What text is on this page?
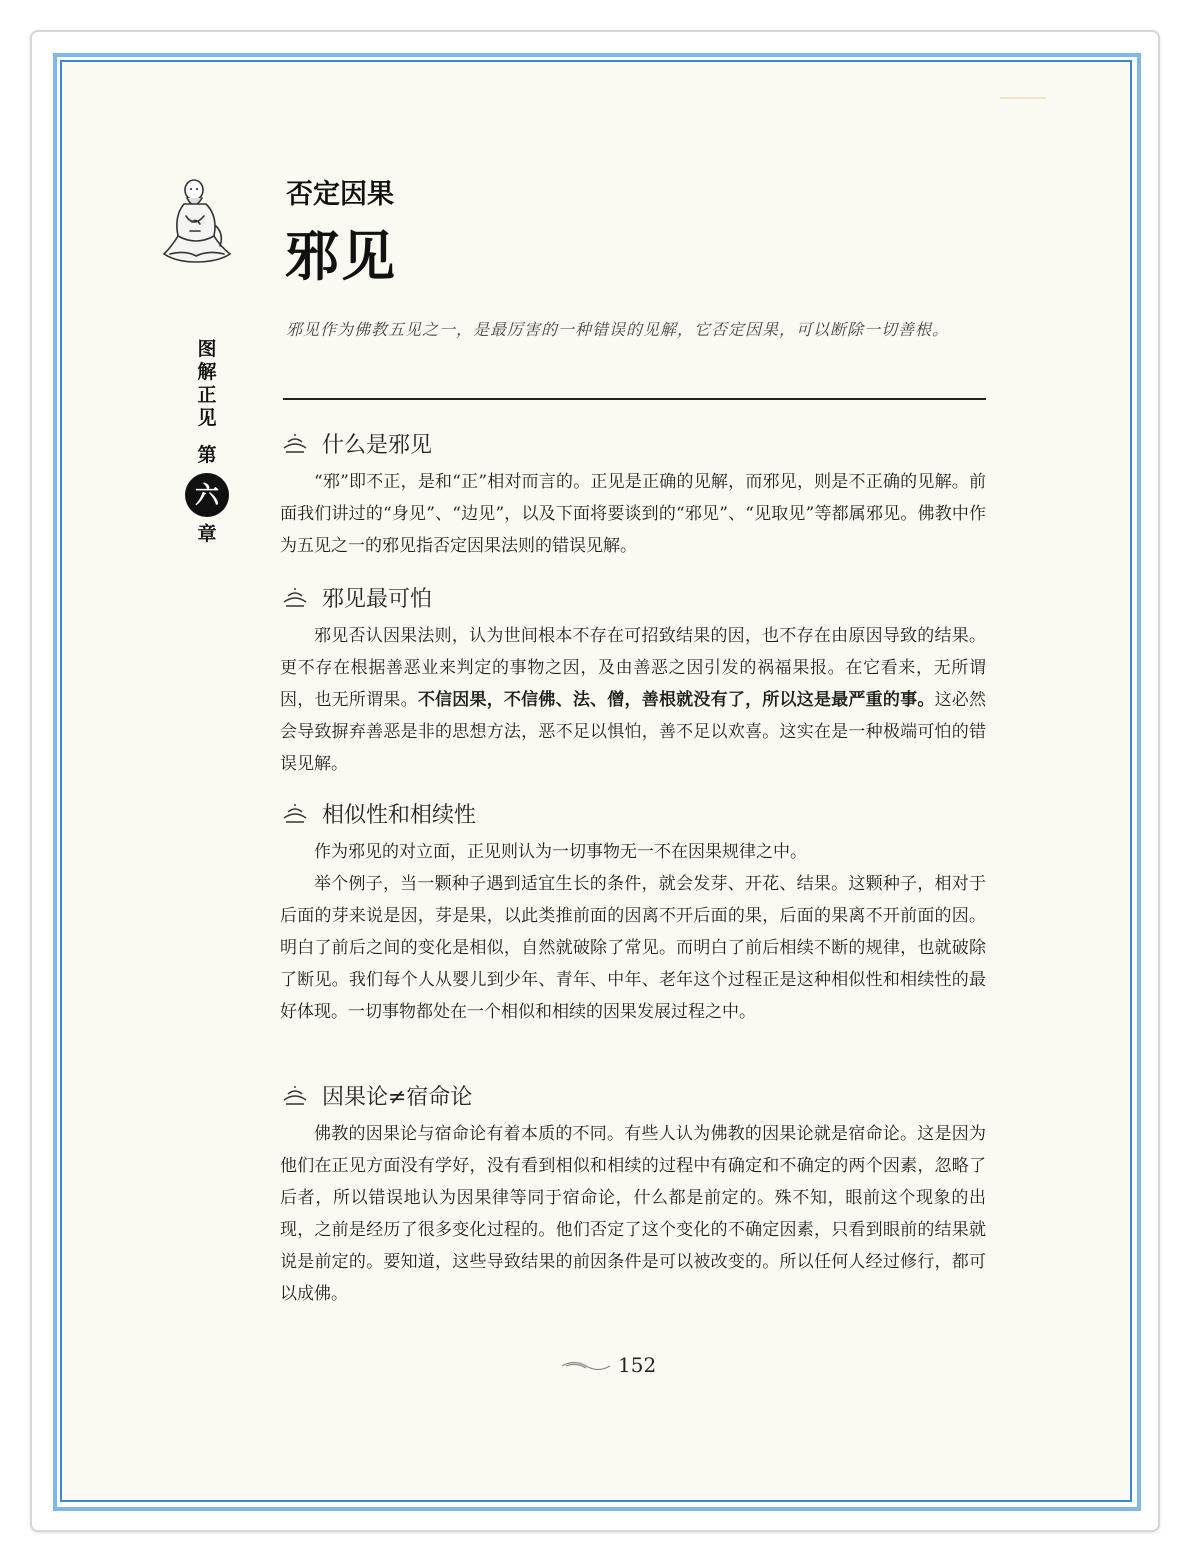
图
解
正
见
第
六
章
否定因果
邪见
邪见作为佛教五见之一，是最厉害的一种错误的见解，它否定因果，可以断除一切善根。
什么是邪见

“邪”即不正，是和“正”相对而言的。正见是正确的见解，而邪见，则是不正确的见解。前面我们讲过的“身见”、“边见”，以及下面将要谈到的“邪见”、“见取见”等都属邪见。佛教中作为五见之一的邪见指否定因果法则的错误见解。

邪见最可怕

邪见否认因果法则，认为世间根本不存在可招致结果的因，也不存在由原因导致的结果。更不存在根据善恶业来判定的事物之因，及由善恶之因引发的祸福果报。在它看来，无所谓因，也无所谓果。不信因果，不信佛、法、僧，善根就没有了，所以这是最严重的事。这必然会导致摒弃善恶是非的思想方法，恶不足以惧怕，善不足以欢喜。这实在是一种极端可怕的错误见解。

相似性和相续性

作为邪见的对立面，正见则认为一切事物无一不在因果规律之中。

举个例子，当一颗种子遇到适宜生长的条件，就会发芽、开花、结果。这颗种子，相对于后面的芽来说是因，芽是果，以此类推前面的因离不开后面的果，后面的果离不开前面的因。明白了前后之间的变化是相似，自然就破除了常见。而明白了前后相续不断的规律，也就破除了断见。我们每个人从婴儿到少年、青年、中年、老年这个过程正是这种相似性和相续性的最好体现。一切事物都处在一个相似和相续的因果发展过程之中。

因果论≠宿命论

佛教的因果论与宿命论有着本质的不同。有些人认为佛教的因果论就是宿命论。这是因为他们在正见方面没有学好，没有看到相似和相续的过程中有确定和不确定的两个因素，忽略了后者，所以错误地认为因果律等同于宿命论，什么都是前定的。殊不知，眼前这个现象的出现，之前是经历了很多变化过程的。他们否定了这个变化的不确定因素，只看到眼前的结果就说是前定的。要知道，这些导致结果的前因条件是可以被改变的。所以任何人经过修行，都可以成佛。

152
